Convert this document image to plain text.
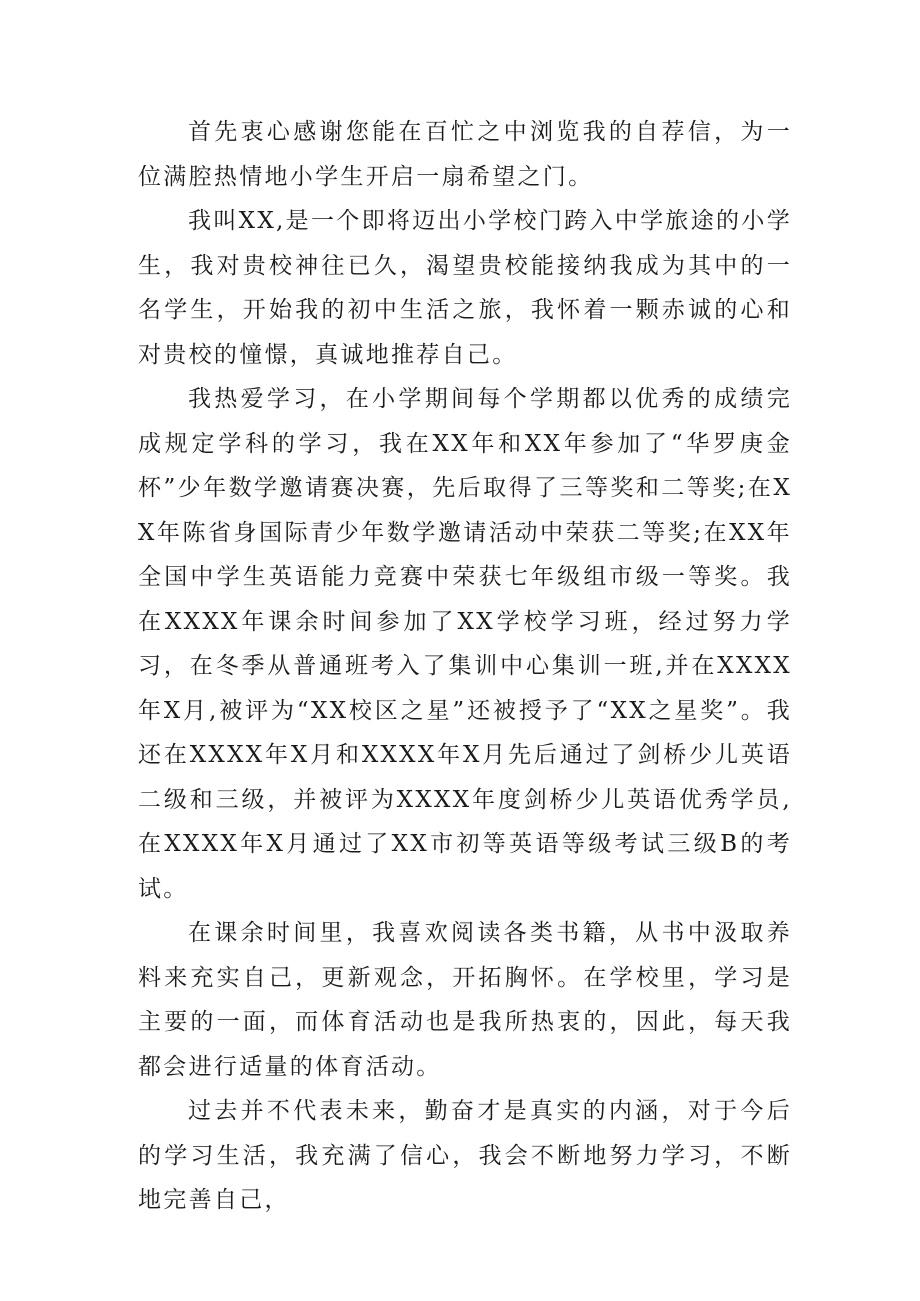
首先衷心感谢您能在百忙之中浏览我的自荐信，为一位满腔热情地小学生开启一扇希望之门。

我叫XX,是一个即将迈出小学校门跨入中学旅途的小学生，我对贵校神往已久，渴望贵校能接纳我成为其中的一名学生，开始我的初中生活之旅，我怀着一颗赤诚的心和对贵校的憧憬，真诚地推荐自己。

我热爱学习，在小学期间每个学期都以优秀的成绩完成规定学科的学习，我在XX年和XX年参加了“华罗庚金杯”少年数学邀请赛决赛，先后取得了三等奖和二等奖;在XX年陈省身国际青少年数学邀请活动中荣获二等奖;在XX年全国中学生英语能力竞赛中荣获七年级组市级一等奖。我在XXXX年课余时间参加了XX学校学习班，经过努力学习，在冬季从普通班考入了集训中心集训一班,并在XXXX年X月,被评为“XX校区之星”还被授予了“XX之星奖”。我还在XXXX年X月和XXXX年X月先后通过了剑桥少儿英语二级和三级，并被评为XXXX年度剑桥少儿英语优秀学员,在XXXX年X月通过了XX市初等英语等级考试三级B的考试。

在课余时间里，我喜欢阅读各类书籍，从书中汲取养料来充实自己，更新观念，开拓胸怀。在学校里，学习是主要的一面，而体育活动也是我所热衷的，因此，每天我都会进行适量的体育活动。

过去并不代表未来，勤奋才是真实的内涵，对于今后的学习生活，我充满了信心，我会不断地努力学习，不断地完善自己，
